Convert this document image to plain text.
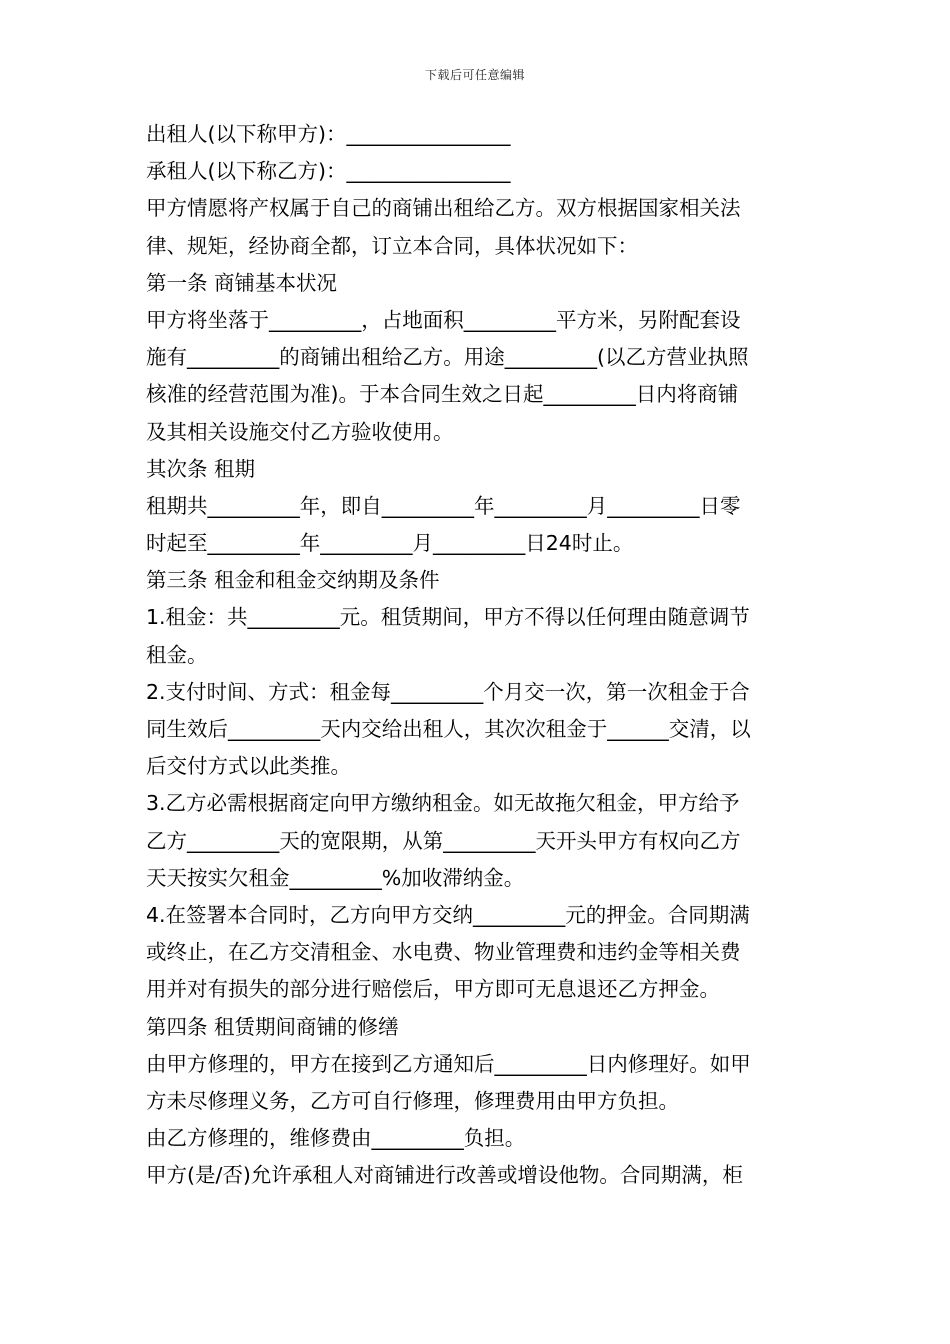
下载后可任意编辑
出租人(以下称甲方)：________________
承租人(以下称乙方)：________________
甲方情愿将产权属于自己的商铺出租给乙方。双方根据国家相关法
律、规矩，经协商全都，订立本合同，具体状况如下：
第一条 商铺基本状况
甲方将坐落于_________，占地面积_________平方米，另附配套设
施有_________的商铺出租给乙方。用途_________(以乙方营业执照
核准的经营范围为准)。于本合同生效之日起_________日内将商铺
及其相关设施交付乙方验收使用。
其次条 租期
租期共_________年，即自_________年_________月_________日零
时起至_________年_________月_________日24时止。
第三条 租金和租金交纳期及条件
1.租金：共_________元。租赁期间，甲方不得以任何理由随意调节
租金。
2.支付时间、方式：租金每_________个月交一次，第一次租金于合
同生效后_________天内交给出租人，其次次租金于______交清，以
后交付方式以此类推。
3.乙方必需根据商定向甲方缴纳租金。如无故拖欠租金，甲方给予
乙方_________天的宽限期，从第_________天开头甲方有权向乙方
天天按实欠租金_________%加收滞纳金。
4.在签署本合同时，乙方向甲方交纳_________元的押金。合同期满
或终止，在乙方交清租金、水电费、物业管理费和违约金等相关费
用并对有损失的部分进行赔偿后，甲方即可无息退还乙方押金。
第四条 租赁期间商铺的修缮
由甲方修理的，甲方在接到乙方通知后_________日内修理好。如甲
方未尽修理义务，乙方可自行修理，修理费用由甲方负担。
由乙方修理的，维修费由_________负担。
甲方(是/否)允许承租人对商铺进行改善或增设他物。合同期满，柜
